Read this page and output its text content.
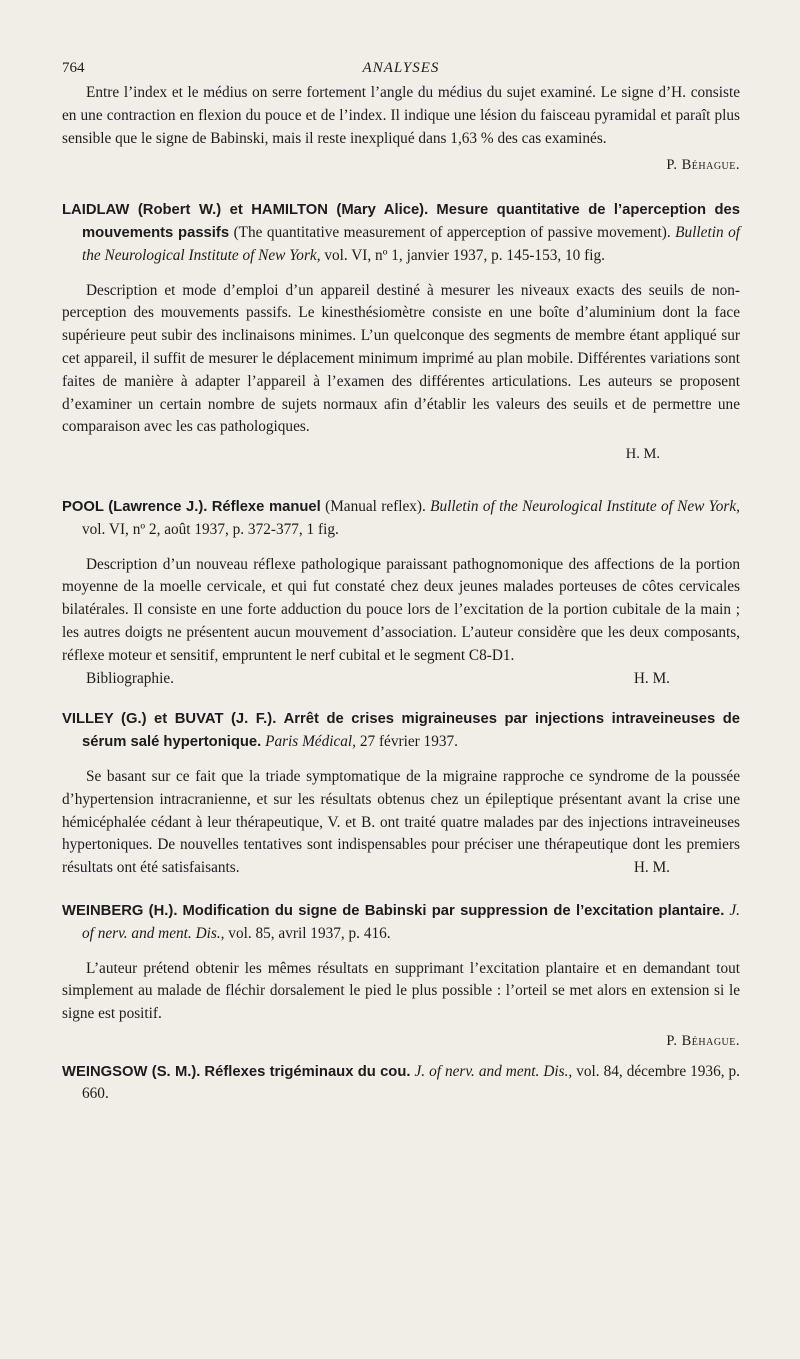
764	ANALYSES

Entre l’index et le médius on serre fortement l’angle du médius du sujet examiné. Le signe d’H. consiste en une contraction en flexion du pouce et de l’index. Il indique une lésion du faisceau pyramidal et paraît plus sensible que le signe de Babinski, mais il reste inexpliqué dans 1,63 % des cas examinés.

P. Béhague.

LAIDLAW (Robert W.) et HAMILTON (Mary Alice). Mesure quantitative de l’aperception des mouvements passifs (The quantitative measurement of apperception of passive movement). Bulletin of the Neurological Institute of New York, vol. VI, nº 1, janvier 1937, p. 145-153, 10 fig.

Description et mode d’emploi d’un appareil destiné à mesurer les niveaux exacts des seuils de non-perception des mouvements passifs. Le kinesthésiomètre consiste en une boîte d’aluminium dont la face supérieure peut subir des inclinaisons minimes. L’un quelconque des segments de membre étant appliqué sur cet appareil, il suffit de mesurer le déplacement minimum imprimé au plan mobile. Différentes variations sont faites de manière à adapter l’appareil à l’examen des différentes articulations. Les auteurs se proposent d’examiner un certain nombre de sujets normaux afin d’établir les valeurs des seuils et de permettre une comparaison avec les cas pathologiques.

H. M.

POOL (Lawrence J.). Réflexe manuel (Manual reflex). Bulletin of the Neurological Institute of New York, vol. VI, nº 2, août 1937, p. 372-377, 1 fig.

Description d’un nouveau réflexe pathologique paraissant pathognomonique des affections de la portion moyenne de la moelle cervicale, et qui fut constaté chez deux jeunes malades porteuses de côtes cervicales bilatérales. Il consiste en une forte adduction du pouce lors de l’excitation de la portion cubitale de la main ; les autres doigts ne présentent aucun mouvement d’association. L’auteur considère que les deux composants, réflexe moteur et sensitif, empruntent le nerf cubital et le segment C8-D1.

Bibliographie.	H. M.
VILLEY (G.) et BUVAT (J. F.). Arrêt de crises migraineuses par injections intraveineuses de sérum salé hypertonique. Paris Médical, 27 février 1937.

Se basant sur ce fait que la triade symptomatique de la migraine rapproche ce syndrome de la poussée d’hypertension intracranienne, et sur les résultats obtenus chez un épileptique présentant avant la crise une hémicéphalée cédant à leur thérapeutique, V. et B. ont traité quatre malades par des injections intraveineuses hypertoniques. De nouvelles tentatives sont indispensables pour préciser une thérapeutique dont les premiers résultats ont été satisfaisants.	H. M.

WEINBERG (H.). Modification du signe de Babinski par suppression de l’excitation plantaire. J. of nerv. and ment. Dis., vol. 85, avril 1937, p. 416.

L’auteur prétend obtenir les mêmes résultats en supprimant l’excitation plantaire et en demandant tout simplement au malade de fléchir dorsalement le pied le plus possible : l’orteil se met alors en extension si le signe est positif.

P. Béhague.

WEINGSOW (S. M.). Réflexes trigéminaux du cou. J. of nerv. and ment. Dis., vol. 84, décembre 1936, p. 660.
